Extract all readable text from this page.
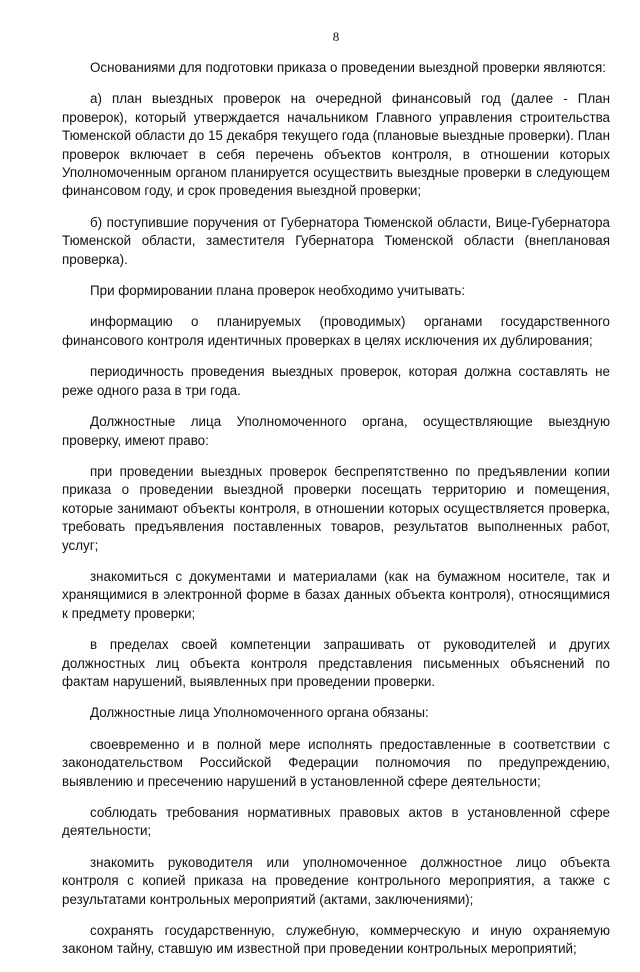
8

Основаниями для подготовки приказа о проведении выездной проверки являются:

а) план выездных проверок на очередной финансовый год (далее - План проверок), который утверждается начальником Главного управления строительства Тюменской области до 15 декабря текущего года (плановые выездные проверки). План проверок включает в себя перечень объектов контроля, в отношении которых Уполномоченным органом планируется осуществить выездные проверки в следующем финансовом году, и срок проведения выездной проверки;

б) поступившие поручения от Губернатора Тюменской области, Вице-Губернатора Тюменской области, заместителя Губернатора Тюменской области (внеплановая проверка).

При формировании плана проверок необходимо учитывать:

информацию о планируемых (проводимых) органами государственного финансового контроля идентичных проверках в целях исключения их дублирования;

периодичность проведения выездных проверок, которая должна составлять не реже одного раза в три года.

Должностные лица Уполномоченного органа, осуществляющие выездную проверку, имеют право:

при проведении выездных проверок беспрепятственно по предъявлении копии приказа о проведении выездной проверки посещать территорию и помещения, которые занимают объекты контроля, в отношении которых осуществляется проверка, требовать предъявления поставленных товаров, результатов выполненных работ, услуг;

знакомиться с документами и материалами (как на бумажном носителе, так и хранящимися в электронной форме в базах данных объекта контроля), относящимися к предмету проверки;

в пределах своей компетенции запрашивать от руководителей и других должностных лиц объекта контроля представления письменных объяснений по фактам нарушений, выявленных при проведении проверки.

Должностные лица Уполномоченного органа обязаны:

своевременно и в полной мере исполнять предоставленные в соответствии с законодательством Российской Федерации полномочия по предупреждению, выявлению и пресечению нарушений в установленной сфере деятельности;

соблюдать требования нормативных правовых актов в установленной сфере деятельности;

знакомить руководителя или уполномоченное должностное лицо объекта контроля с копией приказа на проведение контрольного мероприятия, а также с результатами контрольных мероприятий (актами, заключениями);

сохранять государственную, служебную, коммерческую и иную охраняемую законом тайну, ставшую им известной при проведении контрольных мероприятий;
